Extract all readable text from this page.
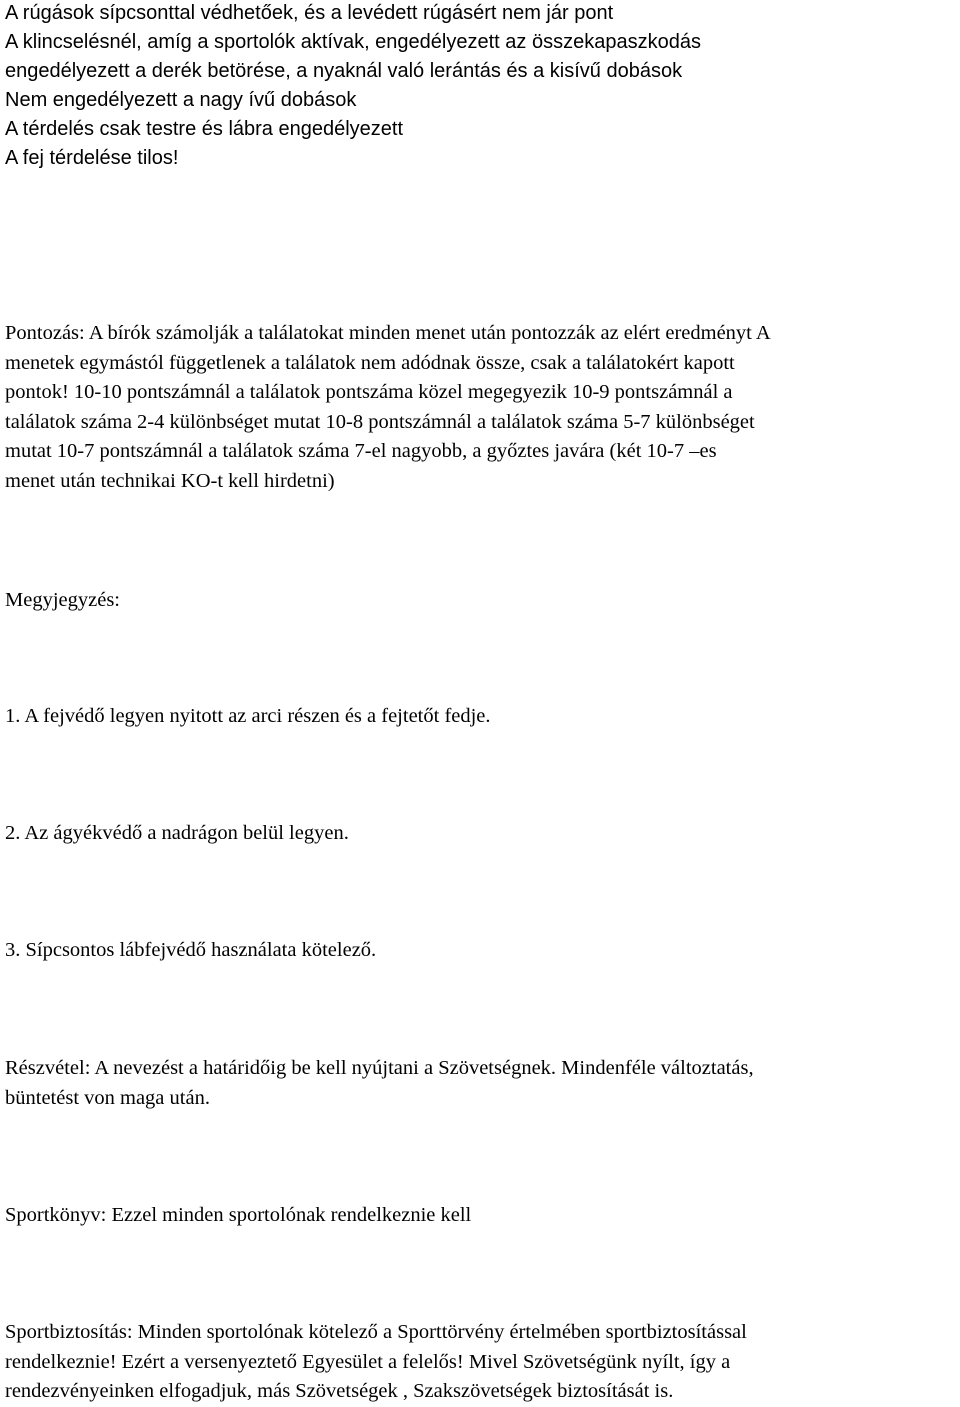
A rúgások sípcsonttal védhetőek, és a levédett rúgásért nem jár pont
A klincselésnél, amíg a sportolók aktívak, engedélyezett az összekapaszkodás
engedélyezett a derék betörése, a nyaknál való lerántás és a kisívű dobások
Nem engedélyezett a nagy ívű dobások
A térdelés csak testre és lábra engedélyezett
A fej térdelése tilos!
Pontozás: A bírók számolják a találatokat minden menet után pontozzák az elért eredményt A
menetek egymástól függetlenek a találatok nem adódnak össze, csak a találatokért kapott
pontok! 10-10 pontszámnál a találatok pontszáma közel megegyezik 10-9 pontszámnál a
találatok száma 2-4 különbséget mutat 10-8 pontszámnál a találatok száma 5-7 különbséget
mutat 10-7 pontszámnál a találatok száma 7-el nagyobb, a győztes javára (két 10-7 –es
menet után technikai KO-t kell hirdetni)
Megyjegyzés:
1. A fejvédő legyen nyitott az arci részen és a fejtetőt fedje.
2. Az ágyékvédő a nadrágon belül legyen.
3. Sípcsontos lábfejvédő használata kötelező.
Részvétel: A nevezést a határidőig be kell nyújtani a Szövetségnek. Mindenféle változtatás,
büntetést von maga után.
Sportkönyv: Ezzel minden sportolónak rendelkeznie kell
Sportbiztosítás: Minden sportolónak kötelező a Sporttörvény értelmében sportbiztosítással
rendelkeznie! Ezért a versenyeztető Egyesület a felelős! Mivel Szövetségünk nyílt, így a
rendezvényeinken elfogadjuk, más Szövetségek , Szakszövetségek biztosítását is.
